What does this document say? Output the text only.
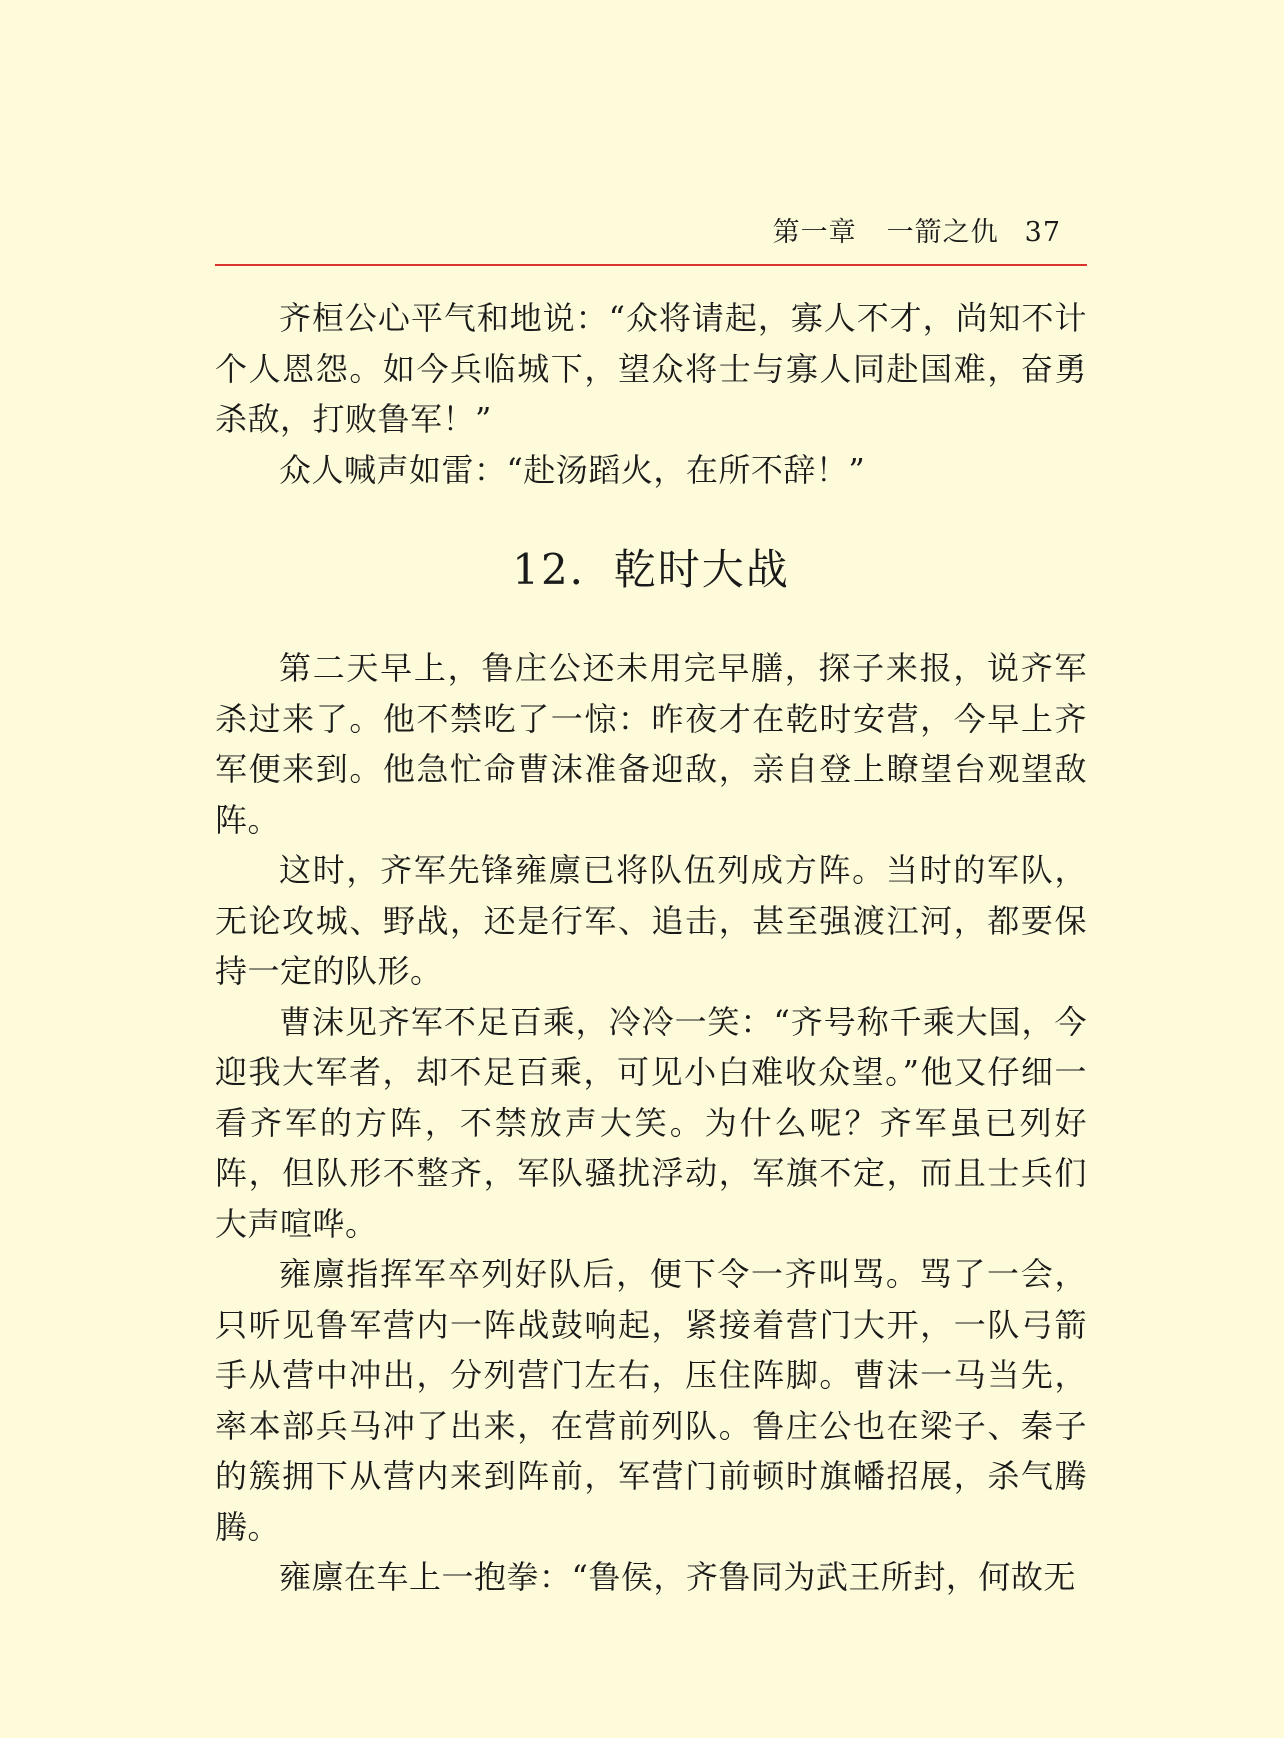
第一章 一箭之仇 37

齐桓公心平气和地说：“众将请起，寡人不才，尚知不计个人恩怨。如今兵临城下，望众将士与寡人同赴国难，奋勇杀敌，打败鲁军！”

众人喊声如雷：“赴汤蹈火，在所不辞！”

12．乾时大战

第二天早上，鲁庄公还未用完早膳，探子来报，说齐军杀过来了。他不禁吃了一惊：昨夜才在乾时安营，今早上齐军便来到。他急忙命曹沫准备迎敌，亲自登上瞭望台观望敌阵。

这时，齐军先锋雍廪已将队伍列成方阵。当时的军队，无论攻城、野战，还是行军、追击，甚至强渡江河，都要保持一定的队形。

曹沫见齐军不足百乘，冷冷一笑：“齐号称千乘大国，今迎我大军者，却不足百乘，可见小白难收众望。”他又仔细一看齐军的方阵，不禁放声大笑。为什么呢？齐军虽已列好阵，但队形不整齐，军队骚扰浮动，军旗不定，而且士兵们大声喧哗。

雍廪指挥军卒列好队后，便下令一齐叫骂。骂了一会，只听见鲁军营内一阵战鼓响起，紧接着营门大开，一队弓箭手从营中冲出，分列营门左右，压住阵脚。曹沫一马当先，率本部兵马冲了出来，在营前列队。鲁庄公也在梁子、秦子的簇拥下从营内来到阵前，军营门前顿时旗幡招展，杀气腾腾。

雍廪在车上一抱拳：“鲁侯，齐鲁同为武王所封，何故无
